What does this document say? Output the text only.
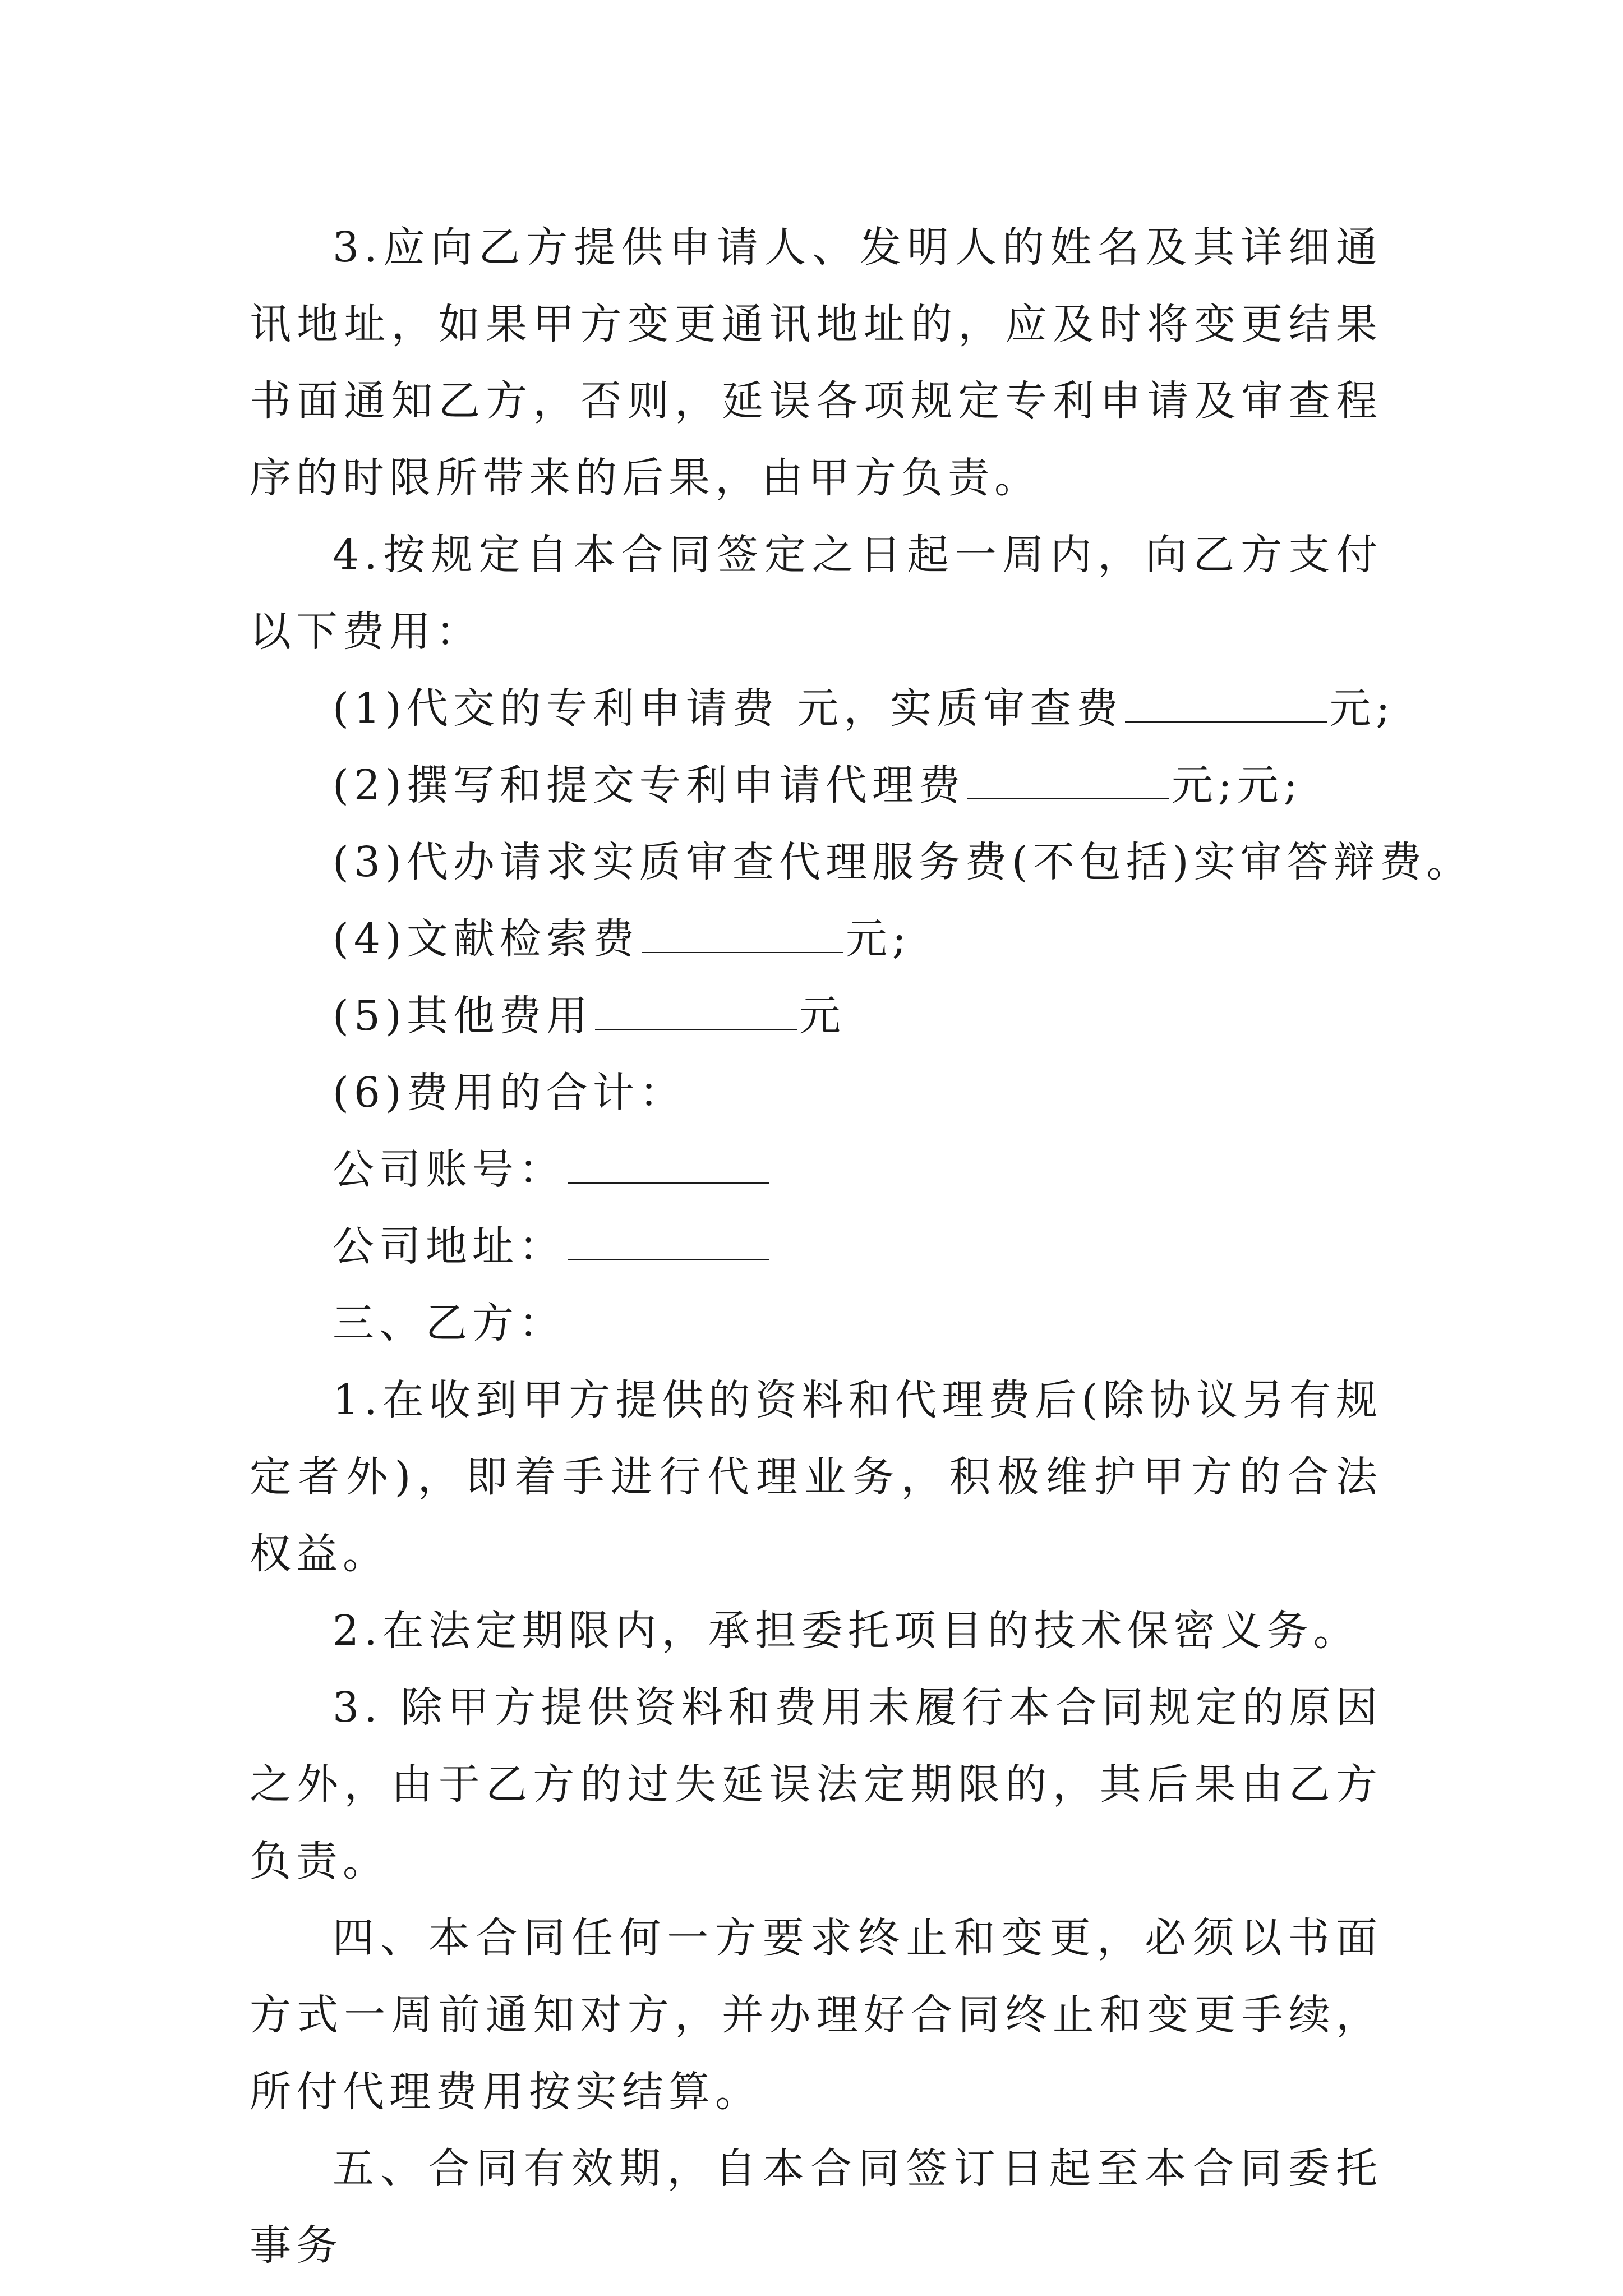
3.应向乙方提供申请人、发明人的姓名及其详细通讯地址，如果甲方变更通讯地址的，应及时将变更结果书面通知乙方，否则，延误各项规定专利申请及审查程序的时限所带来的后果，由甲方负责。

4.按规定自本合同签定之日起一周内，向乙方支付以下费用：

(1)代交的专利申请费 元，实质审查费	元;

(2)撰写和提交专利申请代理费	元;元;

(3)代办请求实质审查代理服务费(不包括)实审答辩费。

(4)文献检索费	元;

(5)其他费用	元

(6)费用的合计：

公司账号：

公司地址：

三、乙方：

1.在收到甲方提供的资料和代理费后(除协议另有规定者外)，即着手进行代理业务，积极维护甲方的合法权益。

2.在法定期限内，承担委托项目的技术保密义务。

3. 除甲方提供资料和费用未履行本合同规定的原因之外，由于乙方的过失延误法定期限的，其后果由乙方负责。

四、本合同任何一方要求终止和变更，必须以书面方式一周前通知对方，并办理好合同终止和变更手续，所付代理费用按实结算。

五、合同有效期，自本合同签订日起至本合同委托事务
